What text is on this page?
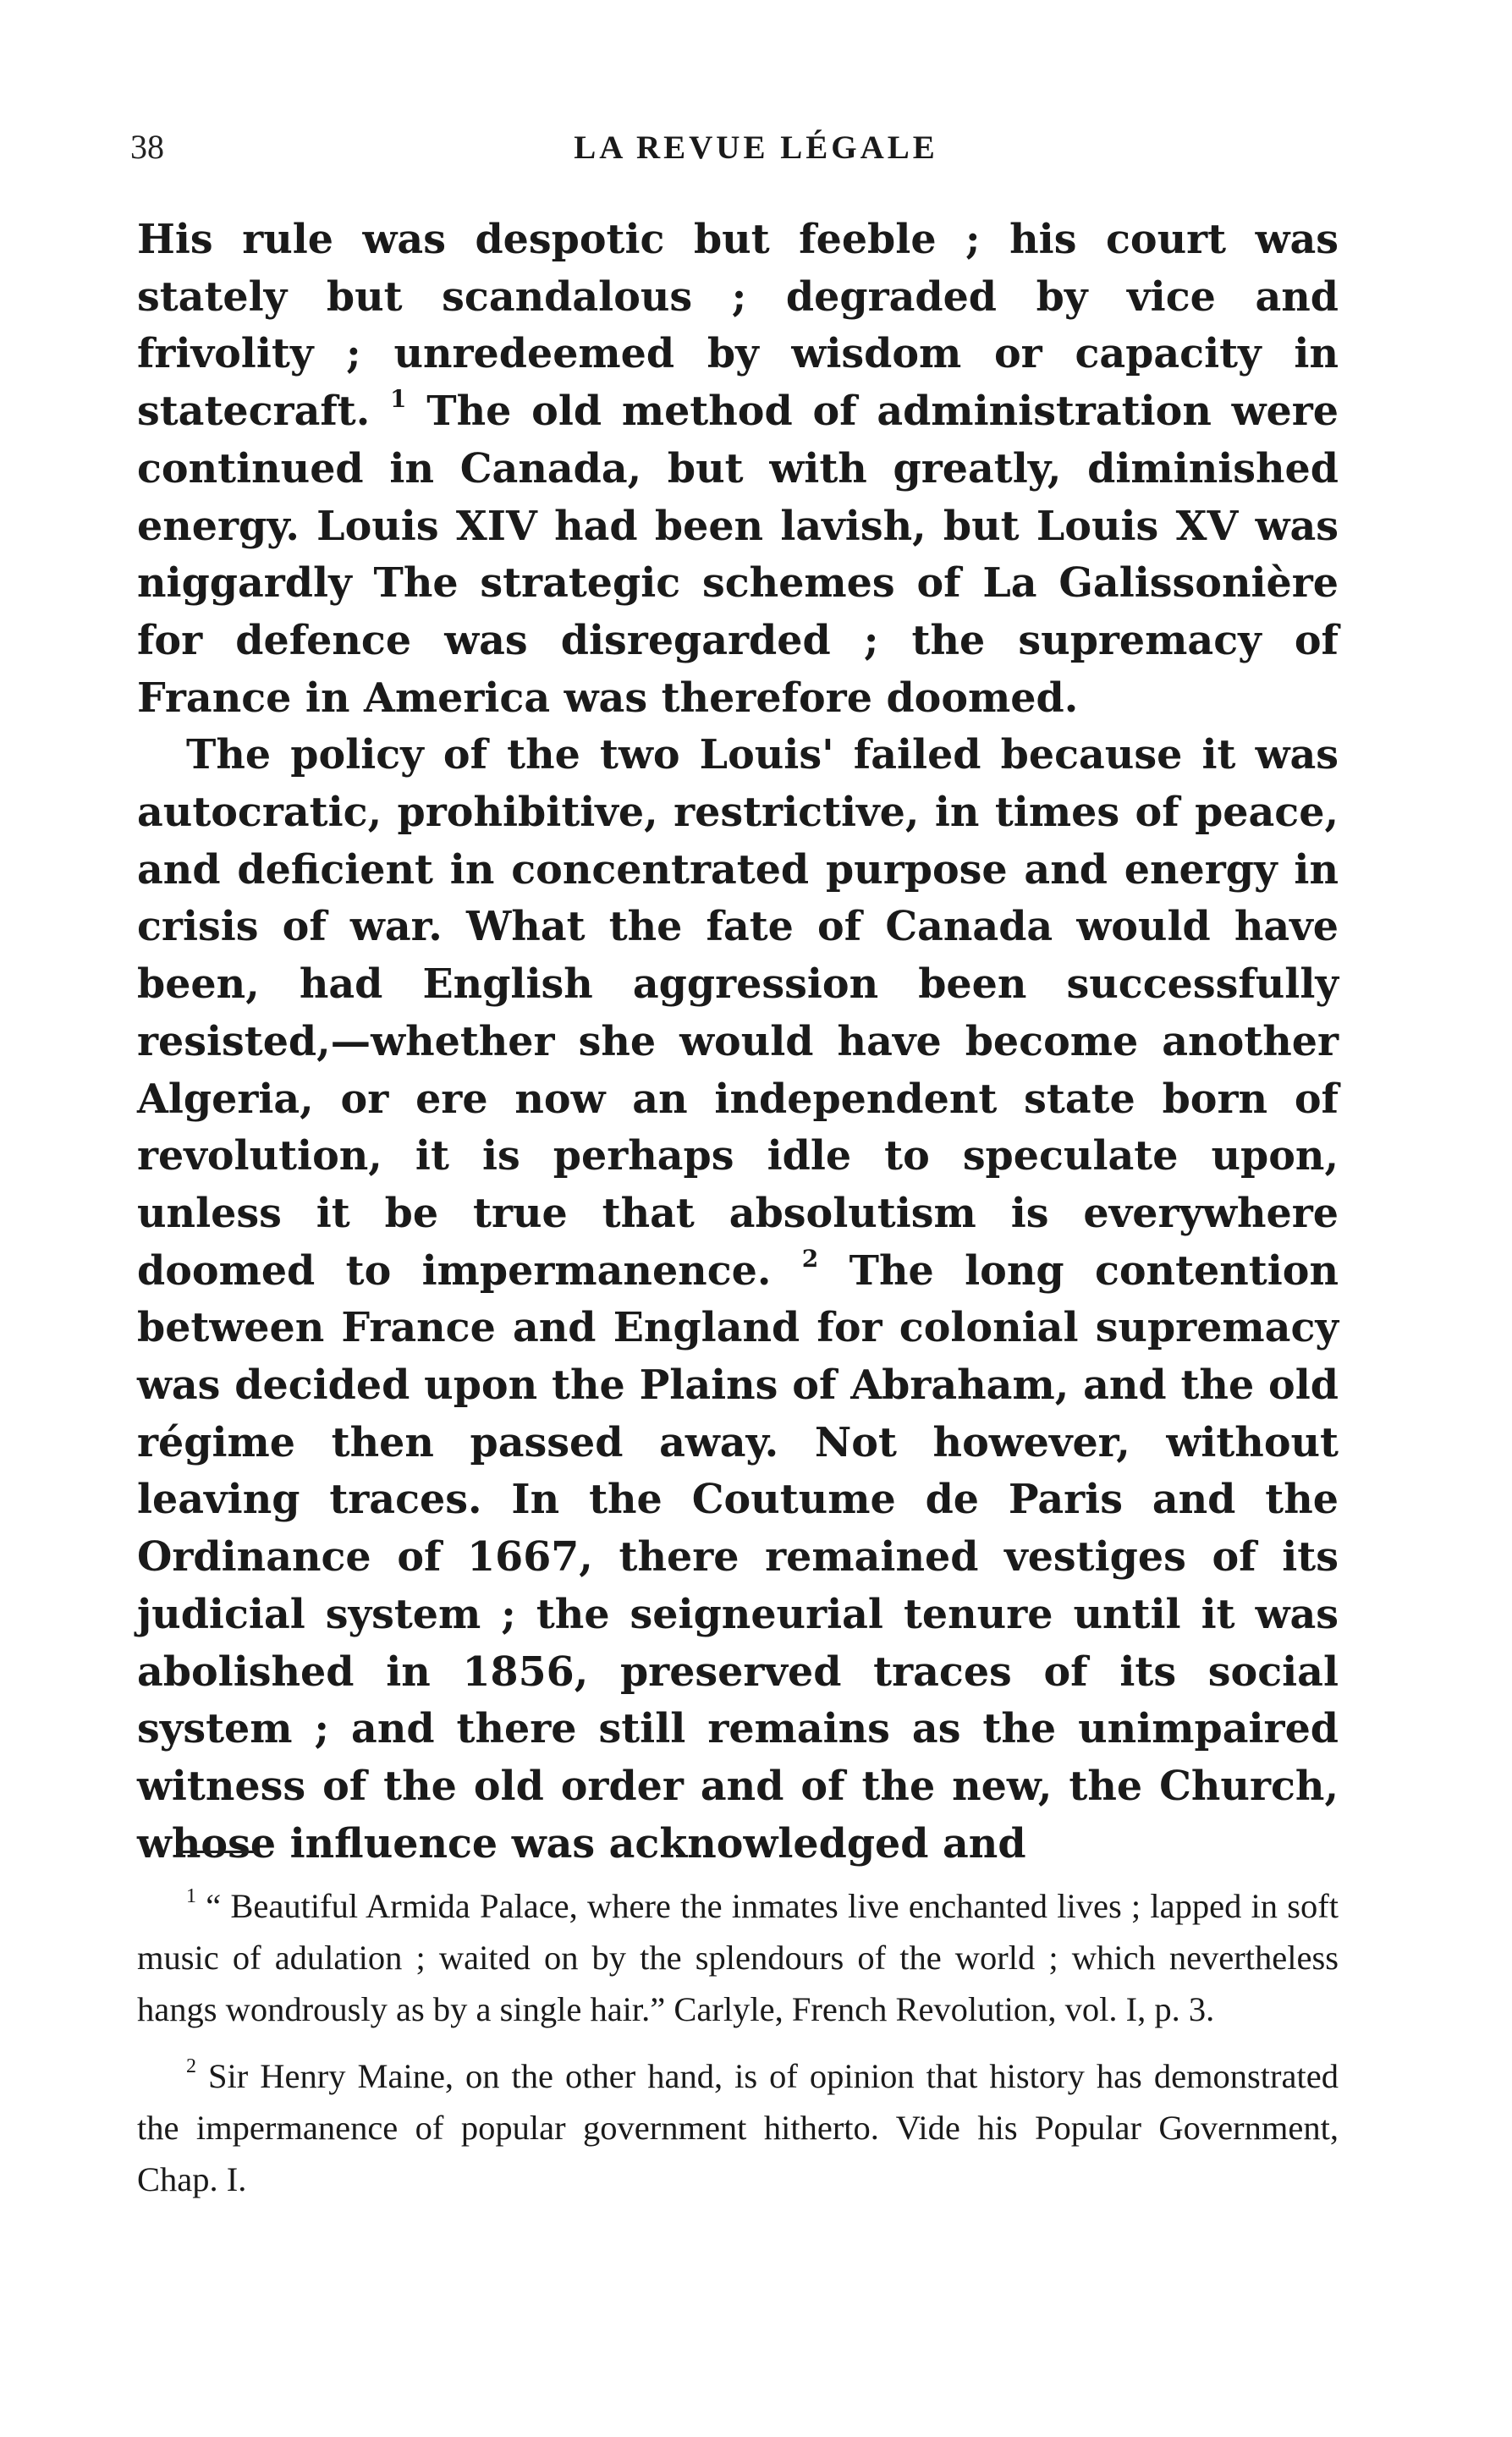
38	LA REVUE LÉGALE

His rule was despotic but feeble ; his court was stately but scandalous ; degraded by vice and frivolity ; unredeemed by wisdom or capacity in statecraft. $^1$ The old method of administration were continued in Canada, but with greatly, diminished energy. Louis XIV had been lavish, but Louis XV was niggardly The strategic schemes of La Galissonière for defence was disregarded ; the supremacy of France in America was therefore doomed.

The policy of the two Louis' failed because it was autocratic, prohibitive, restrictive, in times of peace, and deficient in concentrated purpose and energy in crisis of war. What the fate of Canada would have been, had English aggression been successfully resisted,—whether she would have become another Algeria, or ere now an independent state born of revolution, it is perhaps idle to speculate upon, unless it be true that absolutism is everywhere doomed to impermanence. $^2$ The long contention between France and England for colonial supremacy was decided upon the Plains of Abraham, and the old régime then passed away. Not however, without leaving traces. In the Coutume de Paris and the Ordinance of 1667, there remained vestiges of its judicial system ; the seigneurial tenure until it was abolished in 1856, preserved traces of its social system ; and there still remains as the unimpaired witness of the old order and of the new, the Church, whose influence was acknowledged and

$^1$ “ Beautiful Armida Palace, where the inmates live enchanted lives ; lapped in soft music of adulation ; waited on by the splendours of the world ; which nevertheless hangs wondrously as by a single hair.” Carlyle, French Revolution, vol. I, p. 3.

$^2$ Sir Henry Maine, on the other hand, is of opinion that history has demonstrated the impermanence of popular government hitherto. Vide his Popular Government, Chap. I.
